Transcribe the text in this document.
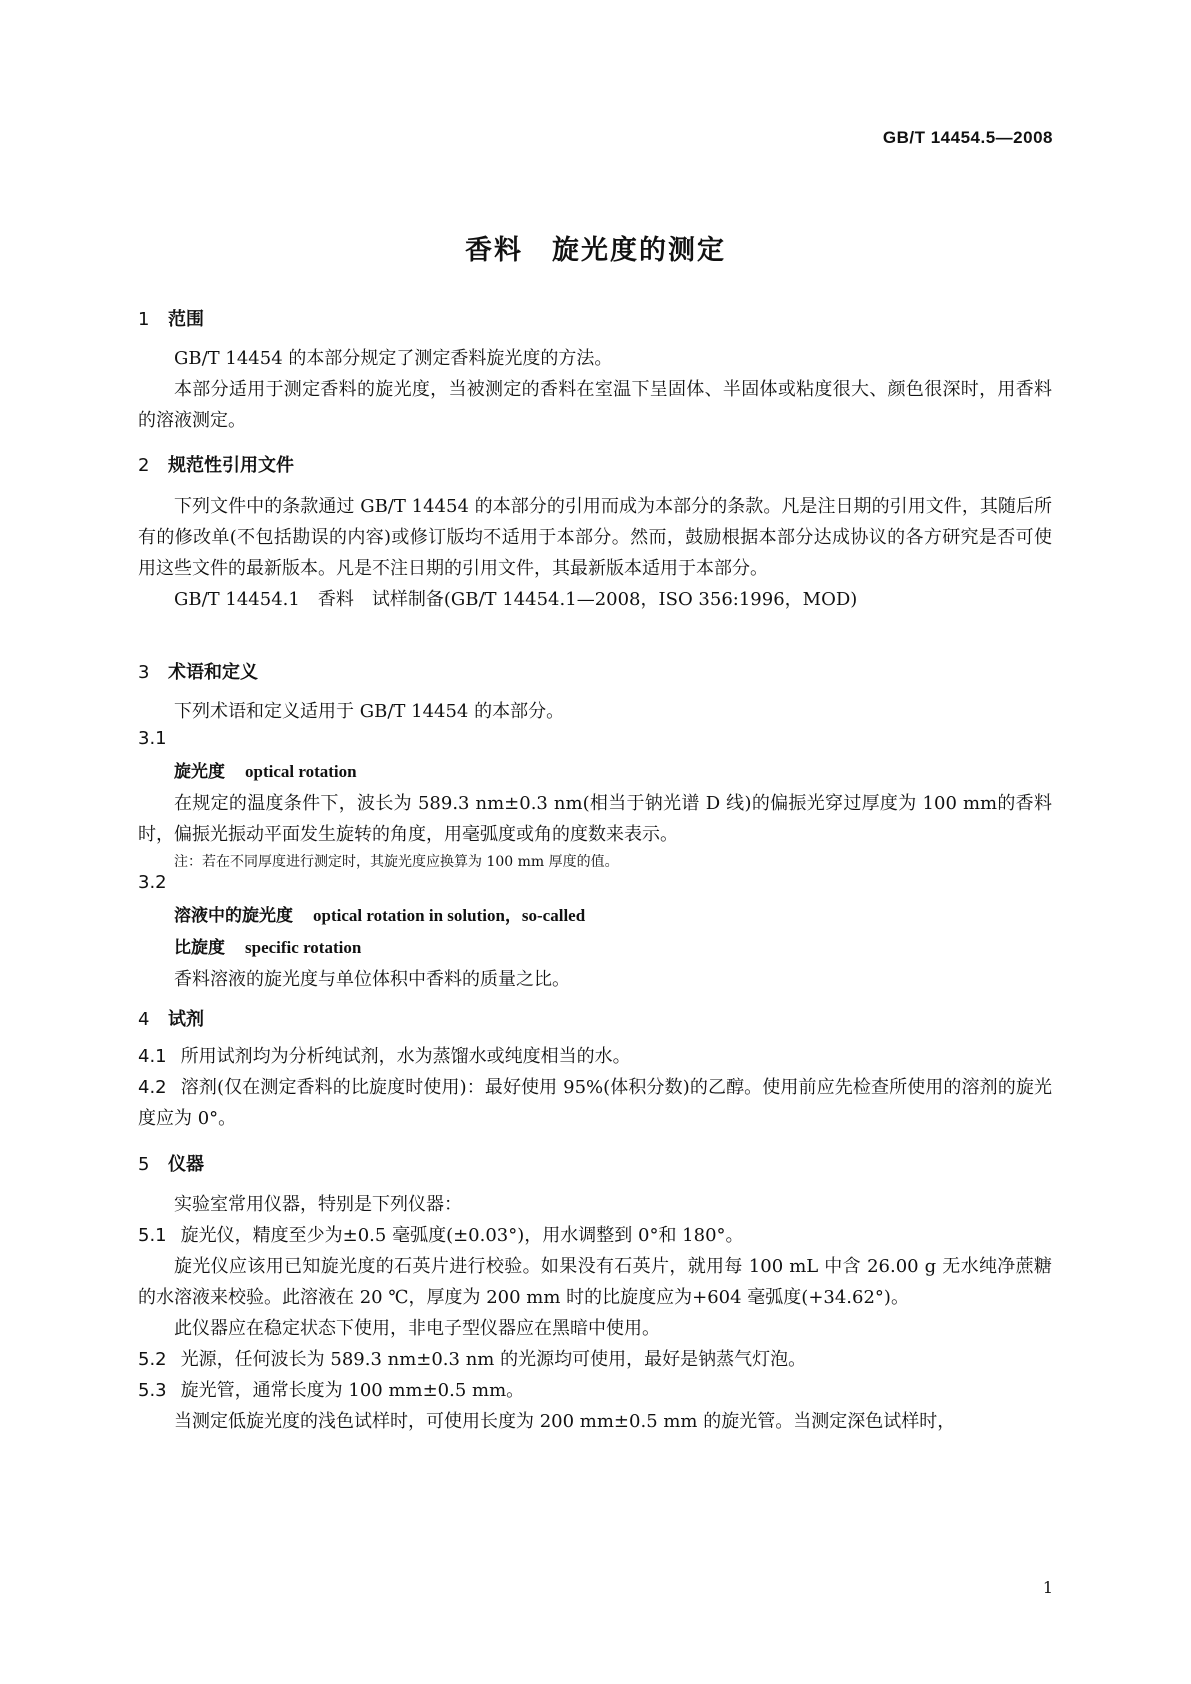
GB/T 14454.5—2008
香料　旋光度的测定
1 范围

GB/T 14454 的本部分规定了测定香料旋光度的方法。

本部分适用于测定香料的旋光度，当被测定的香料在室温下呈固体、半固体或粘度很大、颜色很深时，用香料的溶液测定。

2 规范性引用文件

下列文件中的条款通过 GB/T 14454 的本部分的引用而成为本部分的条款。凡是注日期的引用文件，其随后所有的修改单(不包括勘误的内容)或修订版均不适用于本部分。然而，鼓励根据本部分达成协议的各方研究是否可使用这些文件的最新版本。凡是不注日期的引用文件，其最新版本适用于本部分。

GB/T 14454.1　香料　试样制备(GB/T 14454.1—2008，ISO 356:1996，MOD)

3 术语和定义

下列术语和定义适用于 GB/T 14454 的本部分。

3.1

旋光度 optical rotation

在规定的温度条件下，波长为 589.3 nm±0.3 nm(相当于钠光谱 D 线)的偏振光穿过厚度为 100 mm的香料时，偏振光振动平面发生旋转的角度，用毫弧度或角的度数来表示。

注：若在不同厚度进行测定时，其旋光度应换算为 100 mm 厚度的值。

3.2

溶液中的旋光度 optical rotation in solution，so-called

比旋度 specific rotation

香料溶液的旋光度与单位体积中香料的质量之比。

4 试剂

4.1 所用试剂均为分析纯试剂，水为蒸馏水或纯度相当的水。

4.2 溶剂(仅在测定香料的比旋度时使用)：最好使用 95%(体积分数)的乙醇。使用前应先检查所使用的溶剂的旋光度应为 0°。

5 仪器

实验室常用仪器，特别是下列仪器：

5.1 旋光仪，精度至少为±0.5 毫弧度(±0.03°)，用水调整到 0°和 180°。

旋光仪应该用已知旋光度的石英片进行校验。如果没有石英片，就用每 100 mL 中含 26.00 g 无水纯净蔗糖的水溶液来校验。此溶液在 20 ℃，厚度为 200 mm 时的比旋度应为+604 毫弧度(+34.62°)。

此仪器应在稳定状态下使用，非电子型仪器应在黑暗中使用。

5.2 光源，任何波长为 589.3 nm±0.3 nm 的光源均可使用，最好是钠蒸气灯泡。

5.3 旋光管，通常长度为 100 mm±0.5 mm。

当测定低旋光度的浅色试样时，可使用长度为 200 mm±0.5 mm 的旋光管。当测定深色试样时，

1
